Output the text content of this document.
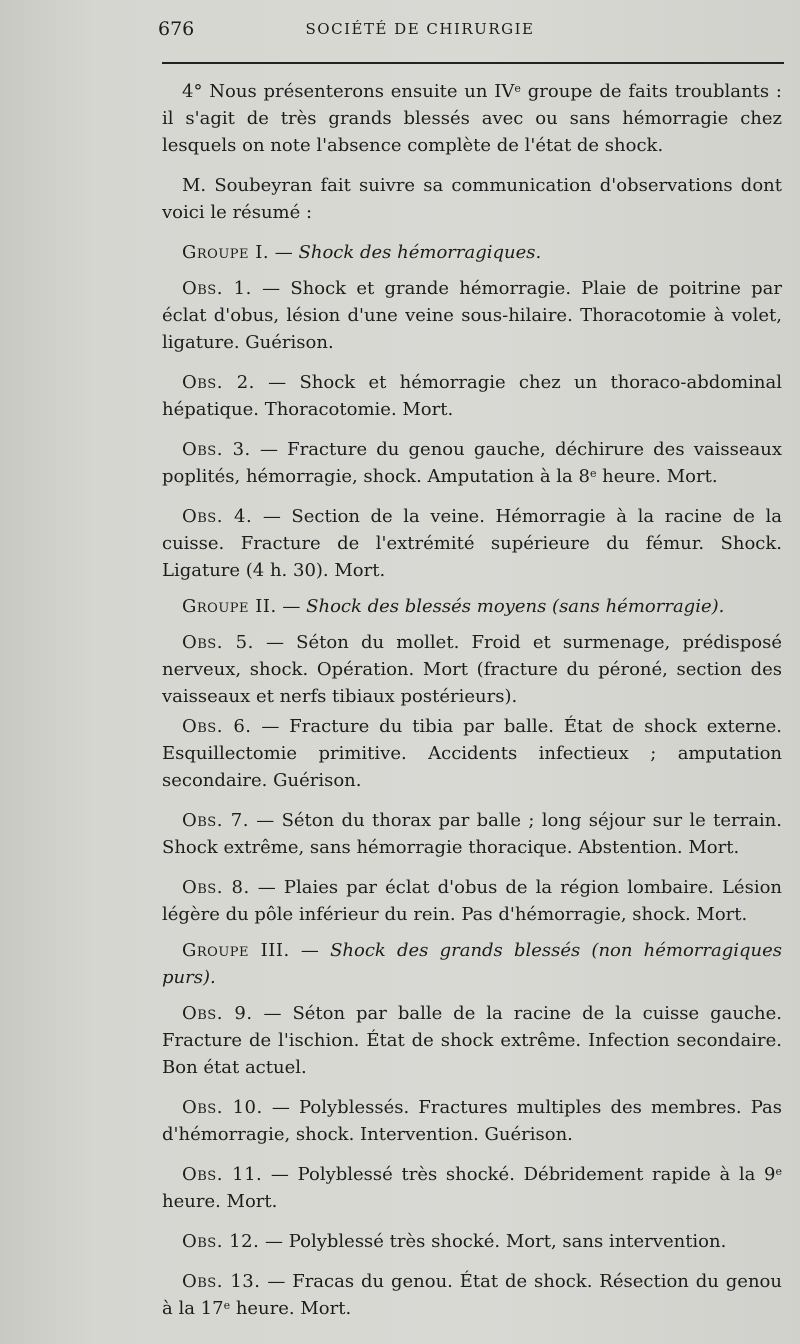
676	SOCIÉTÉ DE CHIRURGIE

4° Nous présenterons ensuite un IVe groupe de faits troublants : il s'agit de très grands blessés avec ou sans hémorragie chez lesquels on note l'absence complète de l'état de shock.

M. Soubeyran fait suivre sa communication d'observations dont voici le résumé :

Groupe I. — Shock des hémorragiques.

Obs. 1. — Shock et grande hémorragie. Plaie de poitrine par éclat d'obus, lésion d'une veine sous-hilaire. Thoracotomie à volet, ligature. Guérison.

Obs. 2. — Shock et hémorragie chez un thoraco-abdominal hépatique. Thoracotomie. Mort.

Obs. 3. — Fracture du genou gauche, déchirure des vaisseaux poplités, hémorragie, shock. Amputation à la 8e heure. Mort.

Obs. 4. — Section de la veine. Hémorragie à la racine de la cuisse. Fracture de l'extrémité supérieure du fémur. Shock. Ligature (4 h. 30). Mort.

Groupe II. — Shock des blessés moyens (sans hémorragie).

Obs. 5. — Séton du mollet. Froid et surmenage, prédisposé nerveux, shock. Opération. Mort (fracture du péroné, section des vaisseaux et nerfs tibiaux postérieurs).

Obs. 6. — Fracture du tibia par balle. État de shock externe. Esquillectomie primitive. Accidents infectieux ; amputation secondaire. Guérison.

Obs. 7. — Séton du thorax par balle ; long séjour sur le terrain. Shock extrême, sans hémorragie thoracique. Abstention. Mort.

Obs. 8. — Plaies par éclat d'obus de la région lombaire. Lésion légère du pôle inférieur du rein. Pas d'hémorragie, shock. Mort.

Groupe III. — Shock des grands blessés (non hémorragiques purs).

Obs. 9. — Séton par balle de la racine de la cuisse gauche. Fracture de l'ischion. État de shock extrême. Infection secondaire. Bon état actuel.

Obs. 10. — Polyblessés. Fractures multiples des membres. Pas d'hémorragie, shock. Intervention. Guérison.

Obs. 11. — Polyblessé très shocké. Débridement rapide à la 9e heure. Mort.

Obs. 12. — Polyblessé très shocké. Mort, sans intervention.

Obs. 13. — Fracas du genou. État de shock. Résection du genou à la 17e heure. Mort.
